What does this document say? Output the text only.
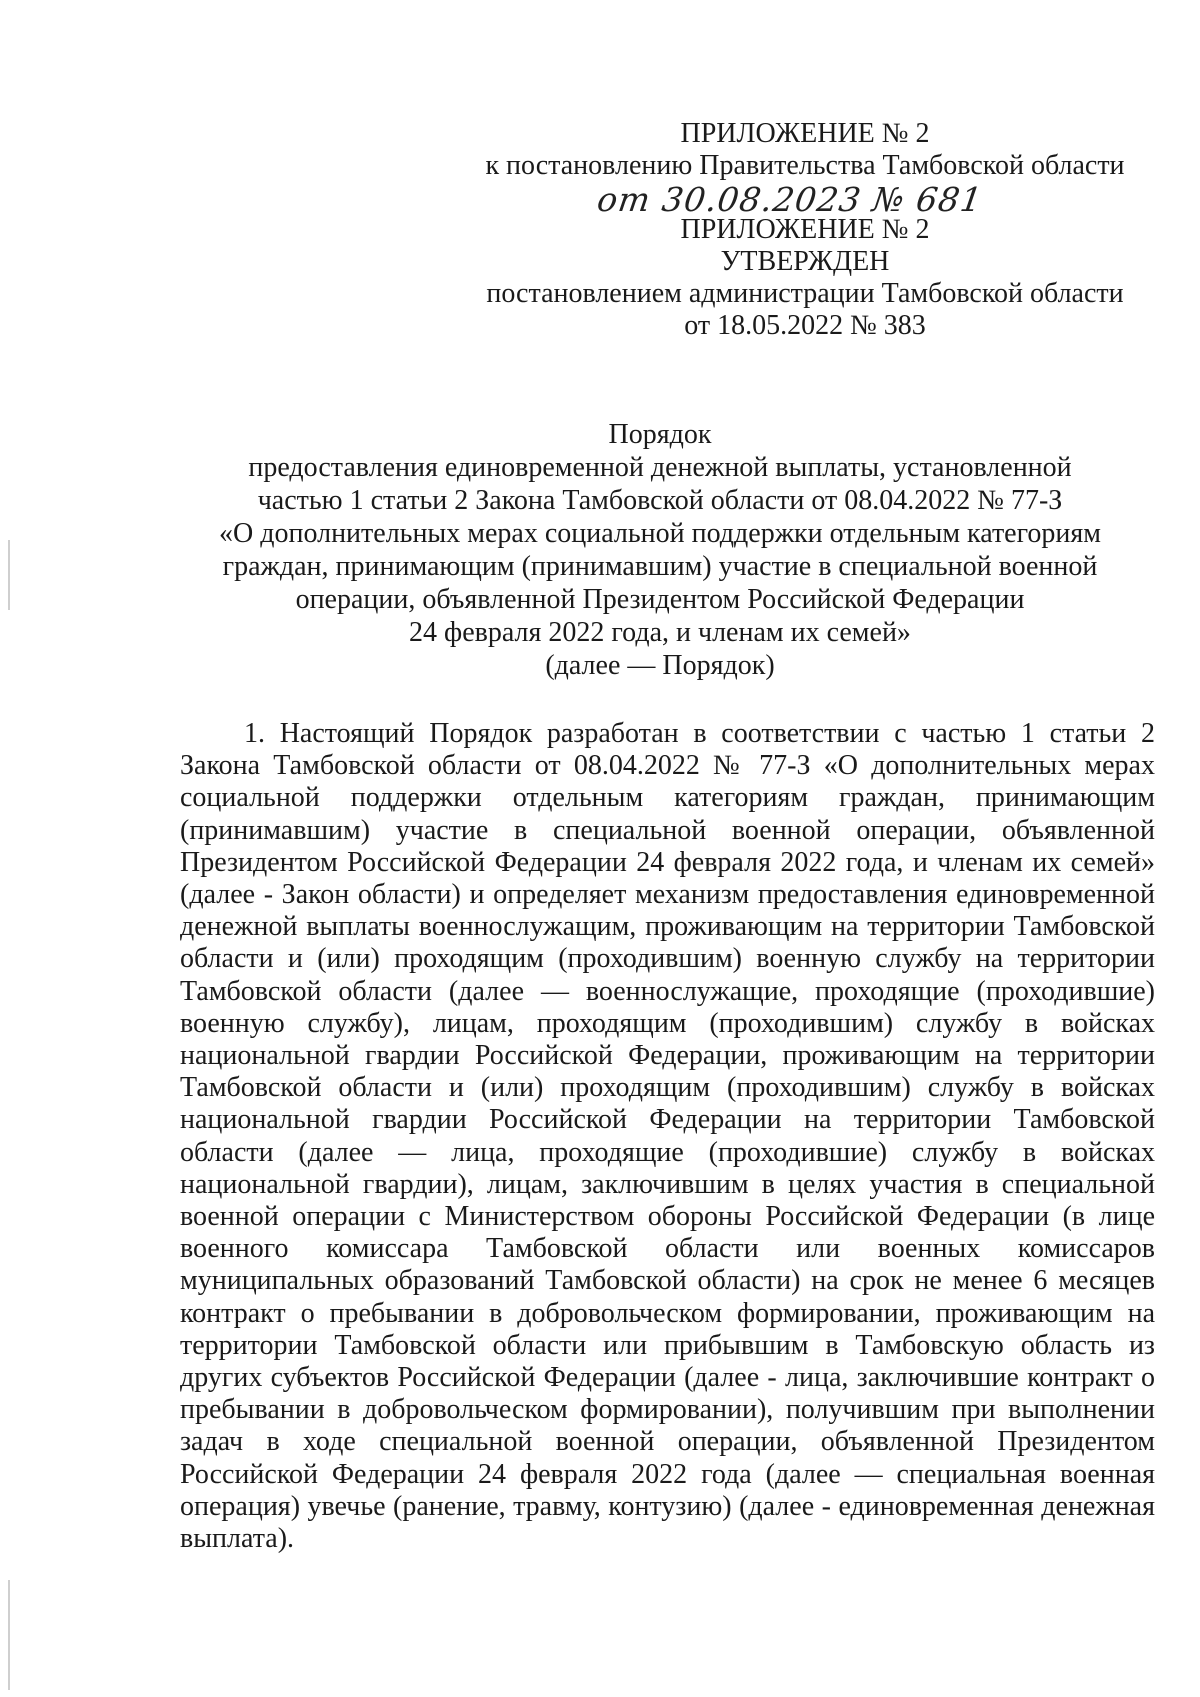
ПРИЛОЖЕНИЕ № 2
к постановлению Правительства Тамбовской области
от 30.08.2023 № 681
ПРИЛОЖЕНИЕ № 2
УТВЕРЖДЕН
постановлением администрации Тамбовской области
от 18.05.2022 № 383
Порядок
предоставления единовременной денежной выплаты, установленной
частью 1 статьи 2 Закона Тамбовской области от 08.04.2022 № 77-З
«О дополнительных мерах социальной поддержки отдельным категориям
граждан, принимающим (принимавшим) участие в специальной военной
операции, объявленной Президентом Российской Федерации
24 февраля 2022 года, и членам их семей»
(далее — Порядок)
1. Настоящий Порядок разработан в соответствии с частью 1 статьи 2 Закона Тамбовской области от 08.04.2022 № 77-З «О дополнительных мерах социальной поддержки отдельным категориям граждан, принимающим (принимавшим) участие в специальной военной операции, объявленной Президентом Российской Федерации 24 февраля 2022 года, и членам их семей» (далее - Закон области) и определяет механизм предоставления единовременной денежной выплаты военнослужащим, проживающим на территории Тамбовской области и (или) проходящим (проходившим) военную службу на территории Тамбовской области (далее — военнослужащие, проходящие (проходившие) военную службу), лицам, проходящим (проходившим) службу в войсках национальной гвардии Российской Федерации, проживающим на территории Тамбовской области и (или) проходящим (проходившим) службу в войсках национальной гвардии Российской Федерации на территории Тамбовской области (далее — лица, проходящие (проходившие) службу в войсках национальной гвардии), лицам, заключившим в целях участия в специальной военной операции с Министерством обороны Российской Федерации (в лице военного комиссара Тамбовской области или военных комиссаров муниципальных образований Тамбовской области) на срок не менее 6 месяцев контракт о пребывании в добровольческом формировании, проживающим на территории Тамбовской области или прибывшим в Тамбовскую область из других субъектов Российской Федерации (далее - лица, заключившие контракт о пребывании в добровольческом формировании), получившим при выполнении задач в ходе специальной военной операции, объявленной Президентом Российской Федерации 24 февраля 2022 года (далее — специальная военная операция) увечье (ранение, травму, контузию) (далее - единовременная денежная выплата).
